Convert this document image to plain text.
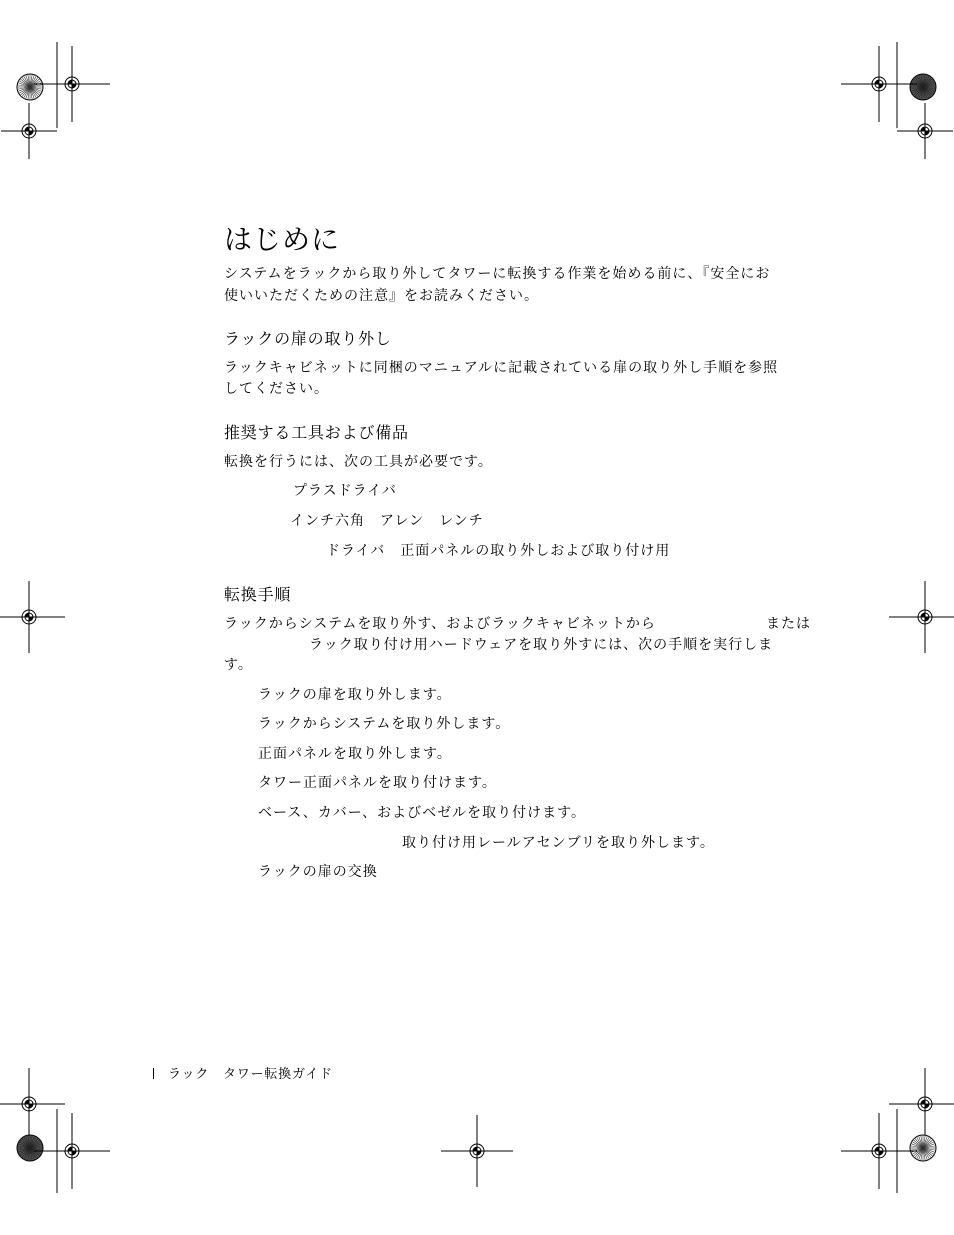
はじめに
システムをラックから取り外してタワーに転換する作業を始める前に、『安全にお
使いいただくための注意』をお読みください。
ラックの扉の取り外し
ラックキャビネットに同梱のマニュアルに記載されている扉の取り外し手順を参照
してください。
推奨する工具および備品
転換を行うには、次の工具が必要です。
プラスドライバ
インチ六角　アレン　レンチ
ドライバ　正面パネルの取り外しおよび取り付け用
転換手順
ラックからシステムを取り外す、およびラックキャビネットから	または
ラック取り付け用ハードウェアを取り外すには、次の手順を実行しま
す。
ラックの扉を取り外します。
ラックからシステムを取り外します。
正面パネルを取り外します。
タワー正面パネルを取り付けます。
ベース、カバー、およびベゼルを取り付けます。
取り付け用レールアセンブリを取り外します。
ラックの扉の交換
ラック　タワー転換ガイド
